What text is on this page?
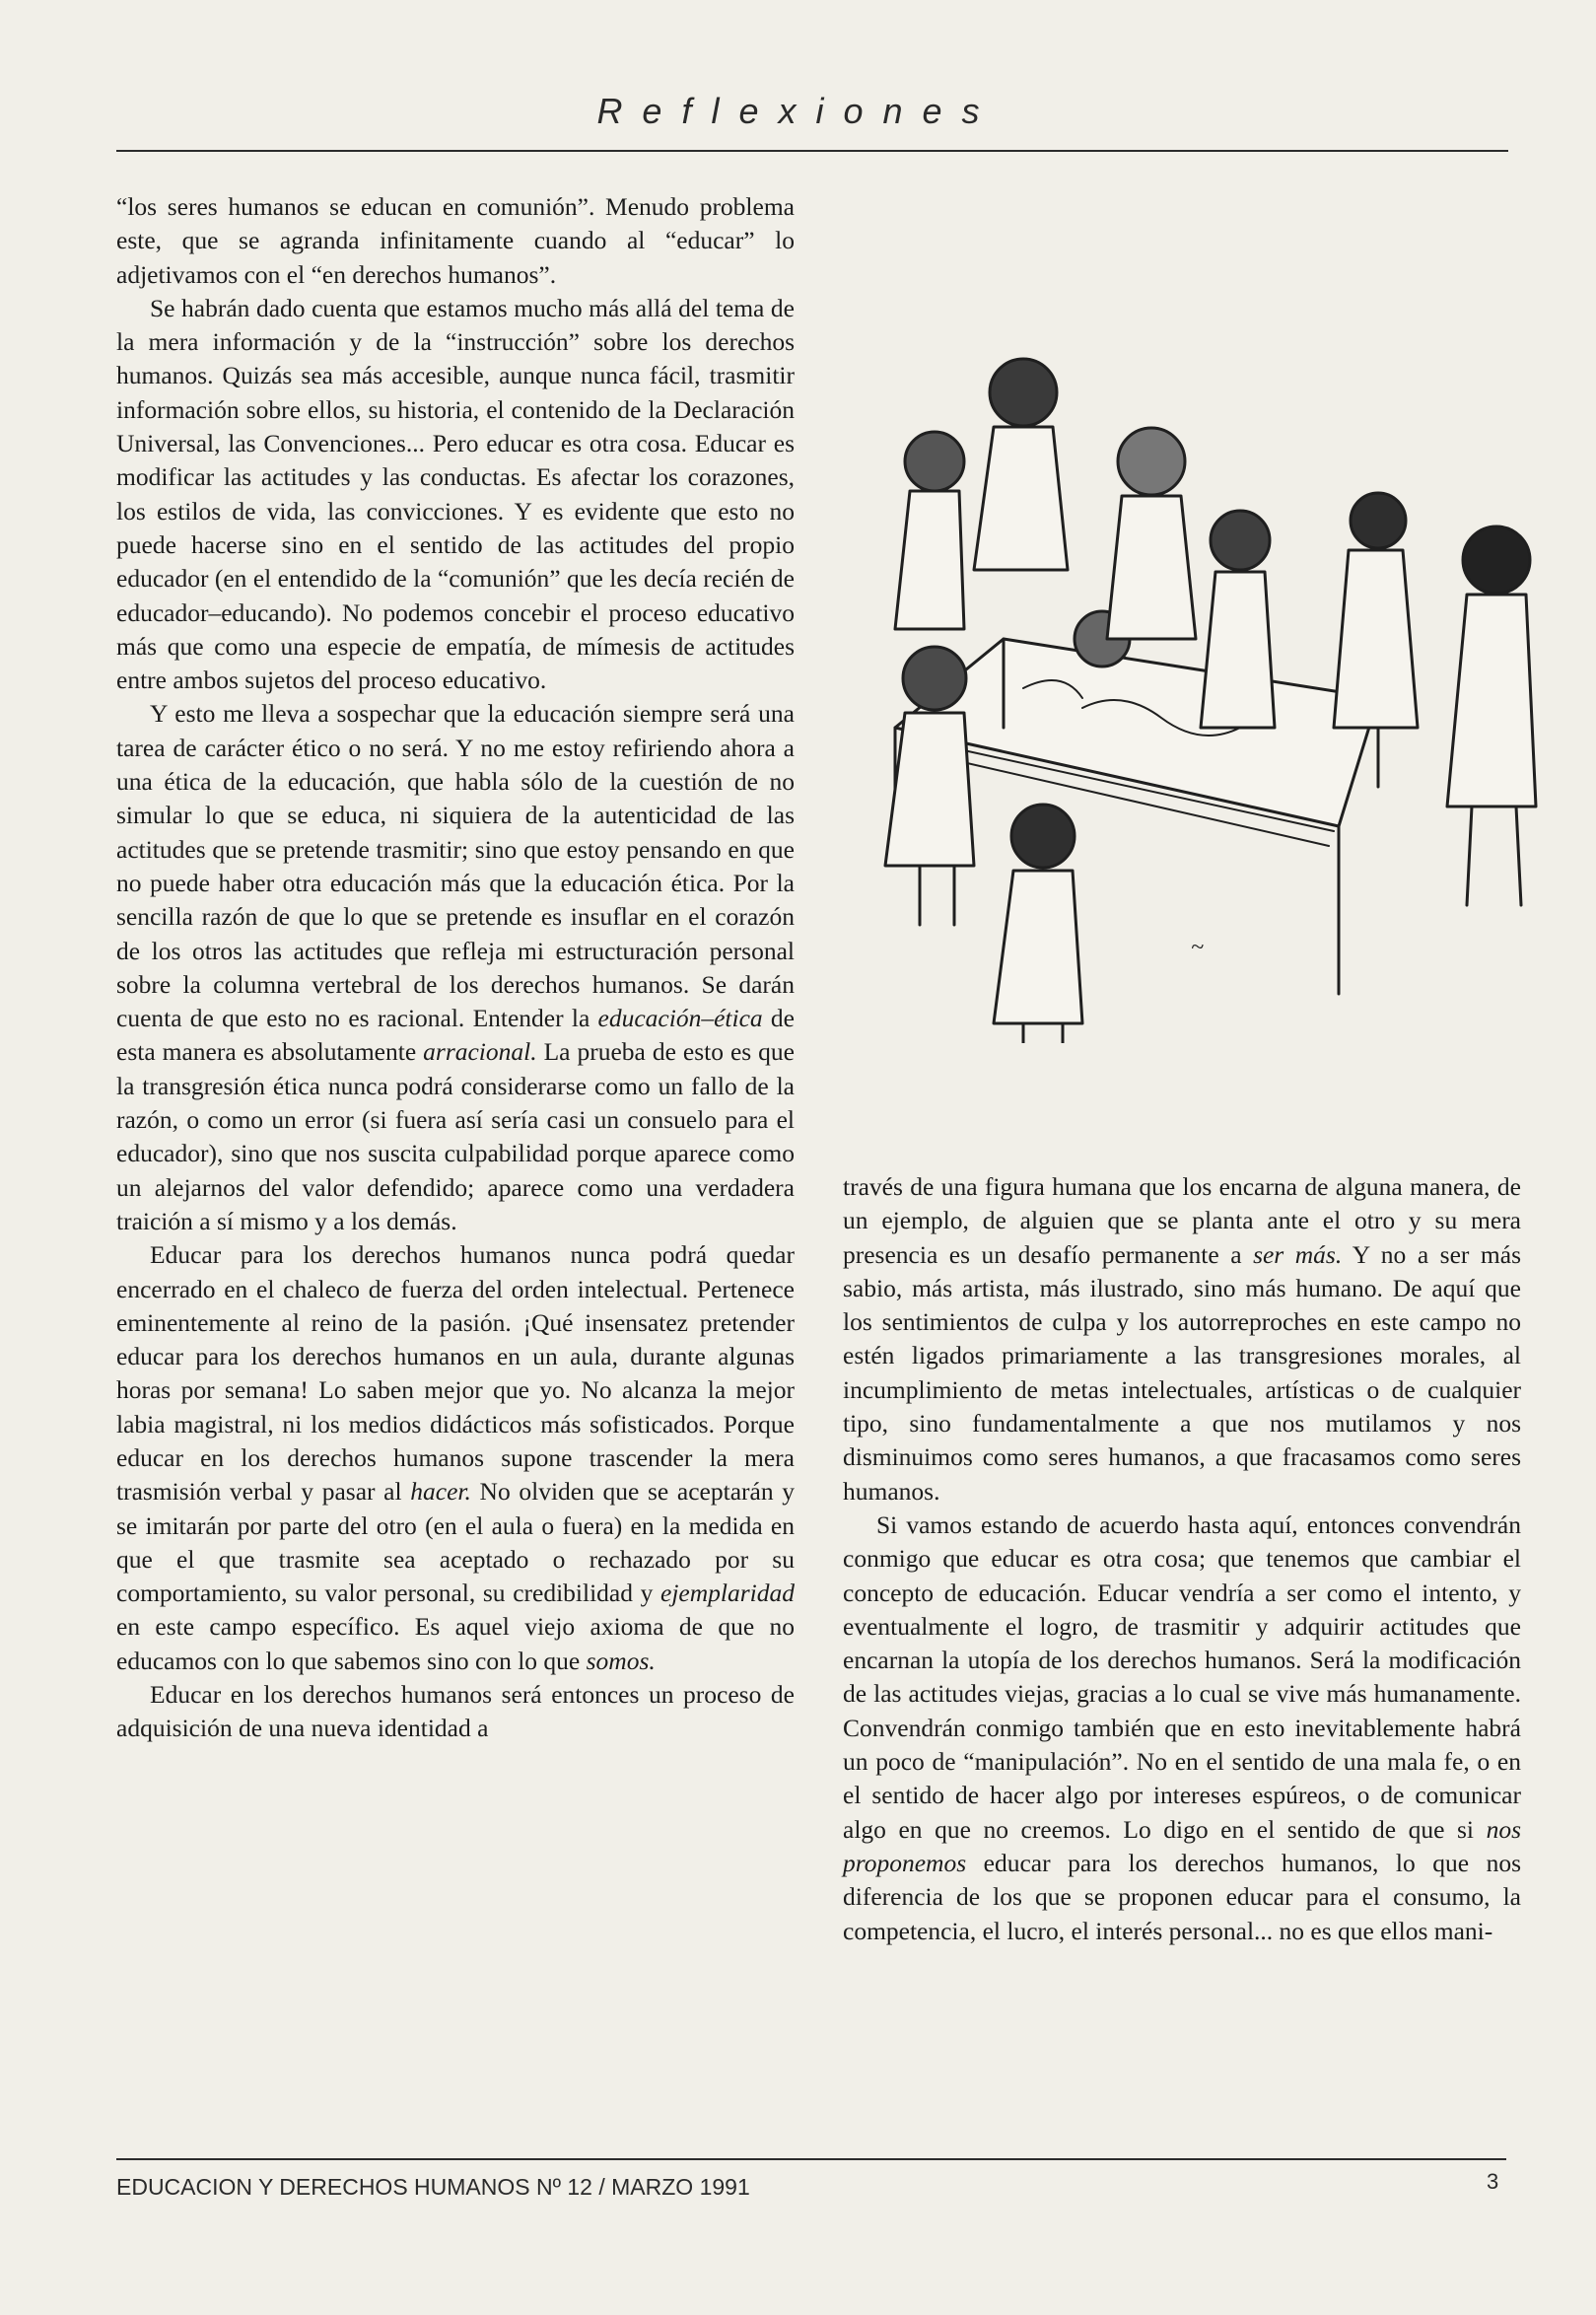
Reflexiones

“los seres humanos se educan en comunión”. Menudo problema este, que se agranda infinitamente cuando al “educar” lo adjetivamos con el “en derechos humanos”.

Se habrán dado cuenta que estamos mucho más allá del tema de la mera información y de la “instrucción” sobre los derechos humanos. Quizás sea más accesible, aunque nunca fácil, trasmitir información sobre ellos, su historia, el contenido de la Declaración Universal, las Convenciones... Pero educar es otra cosa. Educar es modificar las actitudes y las conductas. Es afectar los corazones, los estilos de vida, las convicciones. Y es evidente que esto no puede hacerse sino en el sentido de las actitudes del propio educador (en el entendido de la “comunión” que les decía recién de educador–educando). No podemos concebir el proceso educativo más que como una especie de empatía, de mímesis de actitudes entre ambos sujetos del proceso educativo.

Y esto me lleva a sospechar que la educación siempre será una tarea de carácter ético o no será. Y no me estoy refiriendo ahora a una ética de la educación, que habla sólo de la cuestión de no simular lo que se educa, ni siquiera de la autenticidad de las actitudes que se pretende trasmitir; sino que estoy pensando en que no puede haber otra educación más que la educación ética. Por la sencilla razón de que lo que se pretende es insuflar en el corazón de los otros las actitudes que refleja mi estructuración personal sobre la columna vertebral de los derechos humanos. Se darán cuenta de que esto no es racional. Entender la educación–ética de esta manera es absolutamente arracional. La prueba de esto es que la transgresión ética nunca podrá considerarse como un fallo de la razón, o como un error (si fuera así sería casi un consuelo para el educador), sino que nos suscita culpabilidad porque aparece como un alejarnos del valor defendido; aparece como una verdadera traición a sí mismo y a los demás.

Educar para los derechos humanos nunca podrá quedar encerrado en el chaleco de fuerza del orden intelectual. Pertenece eminentemente al reino de la pasión. ¡Qué insensatez pretender educar para los derechos humanos en un aula, durante algunas horas por semana! Lo saben mejor que yo. No alcanza la mejor labia magistral, ni los medios didácticos más sofisticados. Porque educar en los derechos humanos supone trascender la mera trasmisión verbal y pasar al hacer. No olviden que se aceptarán y se imitarán por parte del otro (en el aula o fuera) en la medida en que el que trasmite sea aceptado o rechazado por su comportamiento, su valor personal, su credibilidad y ejemplaridad en este campo específico. Es aquel viejo axioma de que no educamos con lo que sabemos sino con lo que somos.

Educar en los derechos humanos será entonces un proceso de adquisición de una nueva identidad a

~

través de una figura humana que los encarna de alguna manera, de un ejemplo, de alguien que se planta ante el otro y su mera presencia es un desafío permanente a ser más. Y no a ser más sabio, más artista, más ilustrado, sino más humano. De aquí que los sentimientos de culpa y los autorreproches en este campo no estén ligados primariamente a las transgresiones morales, al incumplimiento de metas intelectuales, artísticas o de cualquier tipo, sino fundamentalmente a que nos mutilamos y nos disminuimos como seres humanos, a que fracasamos como seres humanos.

Si vamos estando de acuerdo hasta aquí, entonces convendrán conmigo que educar es otra cosa; que tenemos que cambiar el concepto de educación. Educar vendría a ser como el intento, y eventualmente el logro, de trasmitir y adquirir actitudes que encarnan la utopía de los derechos humanos. Será la modificación de las actitudes viejas, gracias a lo cual se vive más humanamente. Convendrán conmigo también que en esto inevitablemente habrá un poco de “manipulación”. No en el sentido de una mala fe, o en el sentido de hacer algo por intereses espúreos, o de comunicar algo en que no creemos. Lo digo en el sentido de que si nos proponemos educar para los derechos humanos, lo que nos diferencia de los que se proponen educar para el consumo, la competencia, el lucro, el interés personal... no es que ellos mani-

EDUCACION Y DERECHOS HUMANOS Nº 12 / MARZO 1991	3
